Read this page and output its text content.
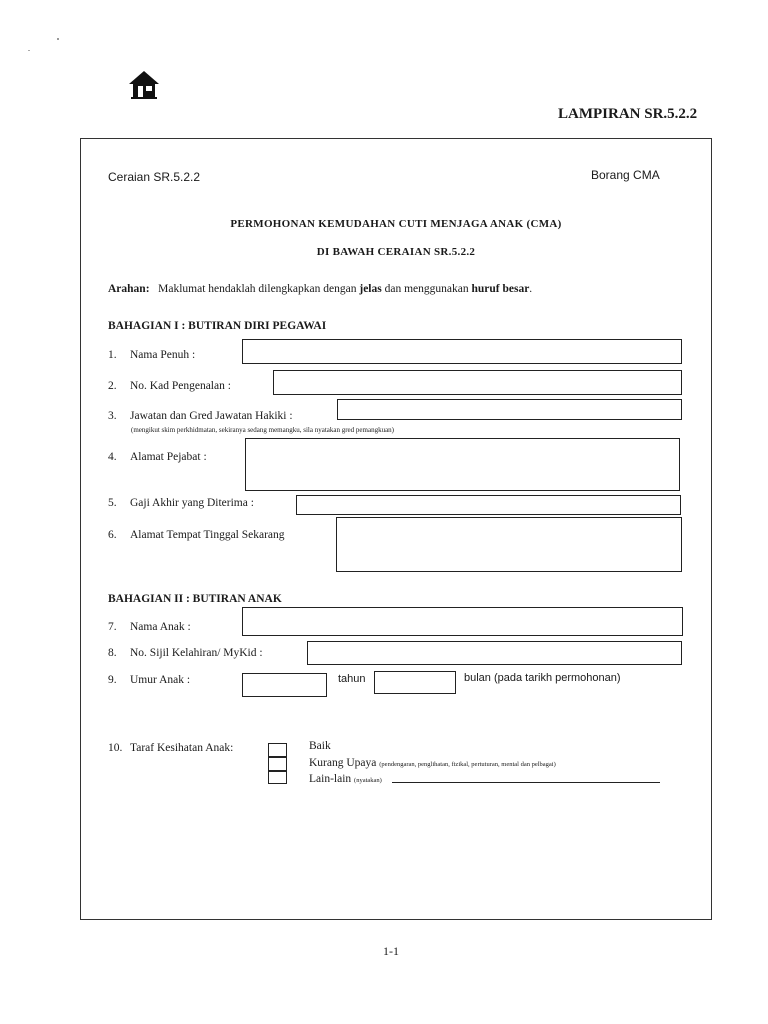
LAMPIRAN SR.5.2.2
Ceraian SR.5.2.2	Borang CMA
PERMOHONAN KEMUDAHAN CUTI MENJAGA ANAK (CMA)
DI BAWAH CERAIAN SR.5.2.2
Arahan: Maklumat hendaklah dilengkapkan dengan jelas dan menggunakan huruf besar.
BAHAGIAN I : BUTIRAN DIRI PEGAWAI
1. Nama Penuh :
2. No. Kad Pengenalan :
3. Jawatan dan Gred Jawatan Hakiki :
(mengikut skim perkhidmatan, sekiranya sedang memangku, sila nyatakan gred pemangkuan)
4. Alamat Pejabat :
5. Gaji Akhir yang Diterima :
6. Alamat Tempat Tinggal Sekarang
BAHAGIAN II : BUTIRAN ANAK
7. Nama Anak :
8. No. Sijil Kelahiran/ MyKid :
9. Umur Anak :	tahun	bulan (pada tarikh permohonan)
10. Taraf Kesihatan Anak:	Baik
Kurang Upaya (pendengaran, penglihatan, fizikal, pertuturan, mental dan pelbagai)
Lain-lain (nyatakan)
1-1
